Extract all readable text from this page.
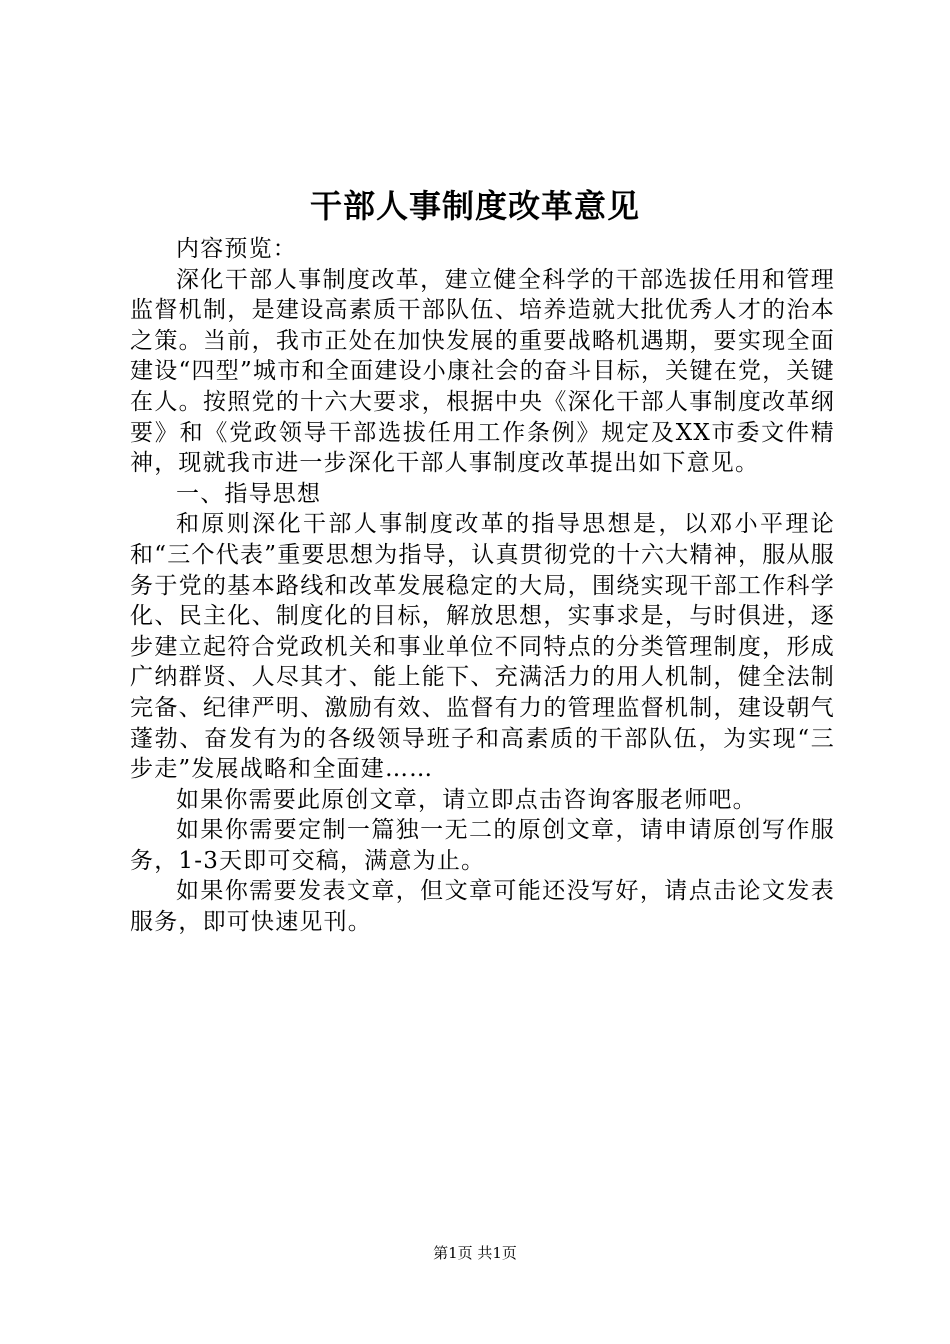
干部人事制度改革意见

内容预览：

深化干部人事制度改革，建立健全科学的干部选拔任用和管理监督机制，是建设高素质干部队伍、培养造就大批优秀人才的治本之策。当前，我市正处在加快发展的重要战略机遇期，要实现全面建设“四型”城市和全面建设小康社会的奋斗目标，关键在党，关键在人。按照党的十六大要求，根据中央《深化干部人事制度改革纲要》和《党政领导干部选拔任用工作条例》规定及XX市委文件精神，现就我市进一步深化干部人事制度改革提出如下意见。

一、指导思想

和原则深化干部人事制度改革的指导思想是，以邓小平理论和“三个代表”重要思想为指导，认真贯彻党的十六大精神，服从服务于党的基本路线和改革发展稳定的大局，围绕实现干部工作科学化、民主化、制度化的目标，解放思想，实事求是，与时俱进，逐步建立起符合党政机关和事业单位不同特点的分类管理制度，形成广纳群贤、人尽其才、能上能下、充满活力的用人机制，健全法制完备、纪律严明、激励有效、监督有力的管理监督机制，建设朝气蓬勃、奋发有为的各级领导班子和高素质的干部队伍，为实现“三步走”发展战略和全面建……

如果你需要此原创文章，请立即点击咨询客服老师吧。

如果你需要定制一篇独一无二的原创文章，请申请原创写作服务，1-3天即可交稿，满意为止。

如果你需要发表文章，但文章可能还没写好，请点击论文发表服务，即可快速见刊。

第1页 共1页
